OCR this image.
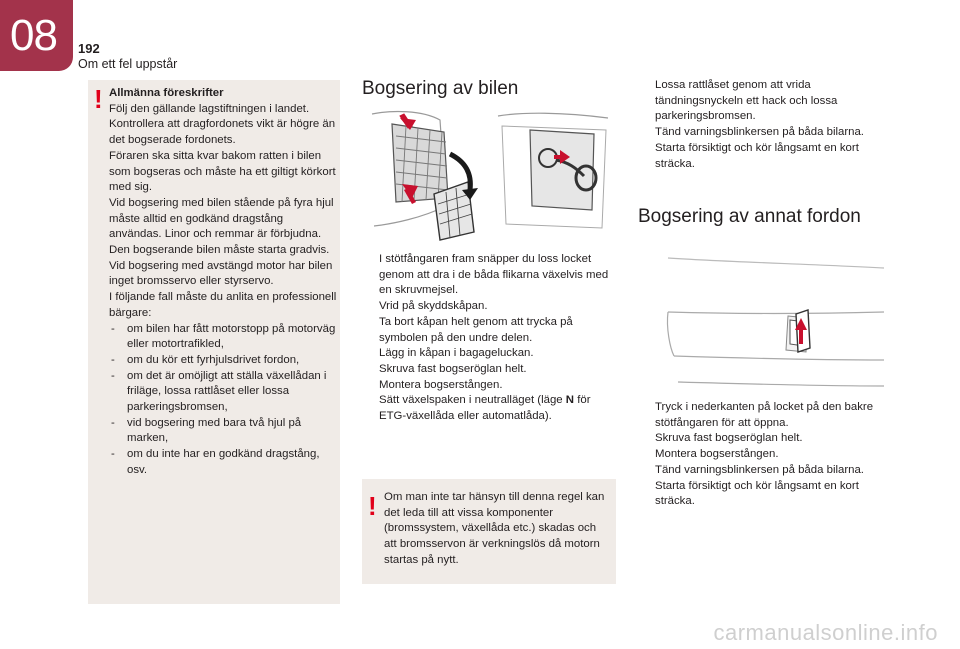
08 192
Om ett fel uppstår
! Allmänna föreskrifter

Följ den gällande lagstiftningen i landet.

Kontrollera att dragfordonets vikt är högre än det bogserade fordonets.

Föraren ska sitta kvar bakom ratten i bilen som bogseras och måste ha ett giltigt körkort med sig.

Vid bogsering med bilen stående på fyra hjul måste alltid en godkänd dragstång användas. Linor och remmar är förbjudna.

Den bogserande bilen måste starta gradvis.

Vid bogsering med avstängd motor har bilen inget bromsservo eller styrservo.

I följande fall måste du anlita en professionell bärgare:

- om bilen har fått motorstopp på motorväg eller motortrafikled,
- om du kör ett fyrhjulsdrivet fordon,
- om det är omöjligt att ställa växellådan i friläge, lossa rattlåset eller lossa parkeringsbromsen,
- vid bogsering med bara två hjul på marken,
- om du inte har en godkänd dragstång, osv.
Bogsering av bilen
I stötfångaren fram snäpper du loss locket genom att dra i de båda flikarna växelvis med en skruvmejsel.
Vrid på skyddskåpan.
Ta bort kåpan helt genom att trycka på symbolen på den undre delen.
Lägg in kåpan i bagageluckan.
Skruva fast bogseröglan helt.
Montera bogserstången.
Sätt växelspaken i neutralläget (läge N för ETG-växellåda eller automatlåda).
! Om man inte tar hänsyn till denna regel kan det leda till att vissa komponenter (bromssystem, växellåda etc.) skadas och att bromsservon är verkningslös då motorn startas på nytt.

Lossa rattlåset genom att vrida tändningsnyckeln ett hack och lossa parkeringsbromsen.
Tänd varningsblinkersen på båda bilarna.
Starta försiktigt och kör långsamt en kort sträcka.
Bogsering av annat fordon
Tryck i nederkanten på locket på den bakre stötfångaren för att öppna.
Skruva fast bogseröglan helt.
Montera bogserstången.
Tänd varningsblinkersen på båda bilarna.
Starta försiktigt och kör långsamt en kort sträcka.
carmanualsonline.info
